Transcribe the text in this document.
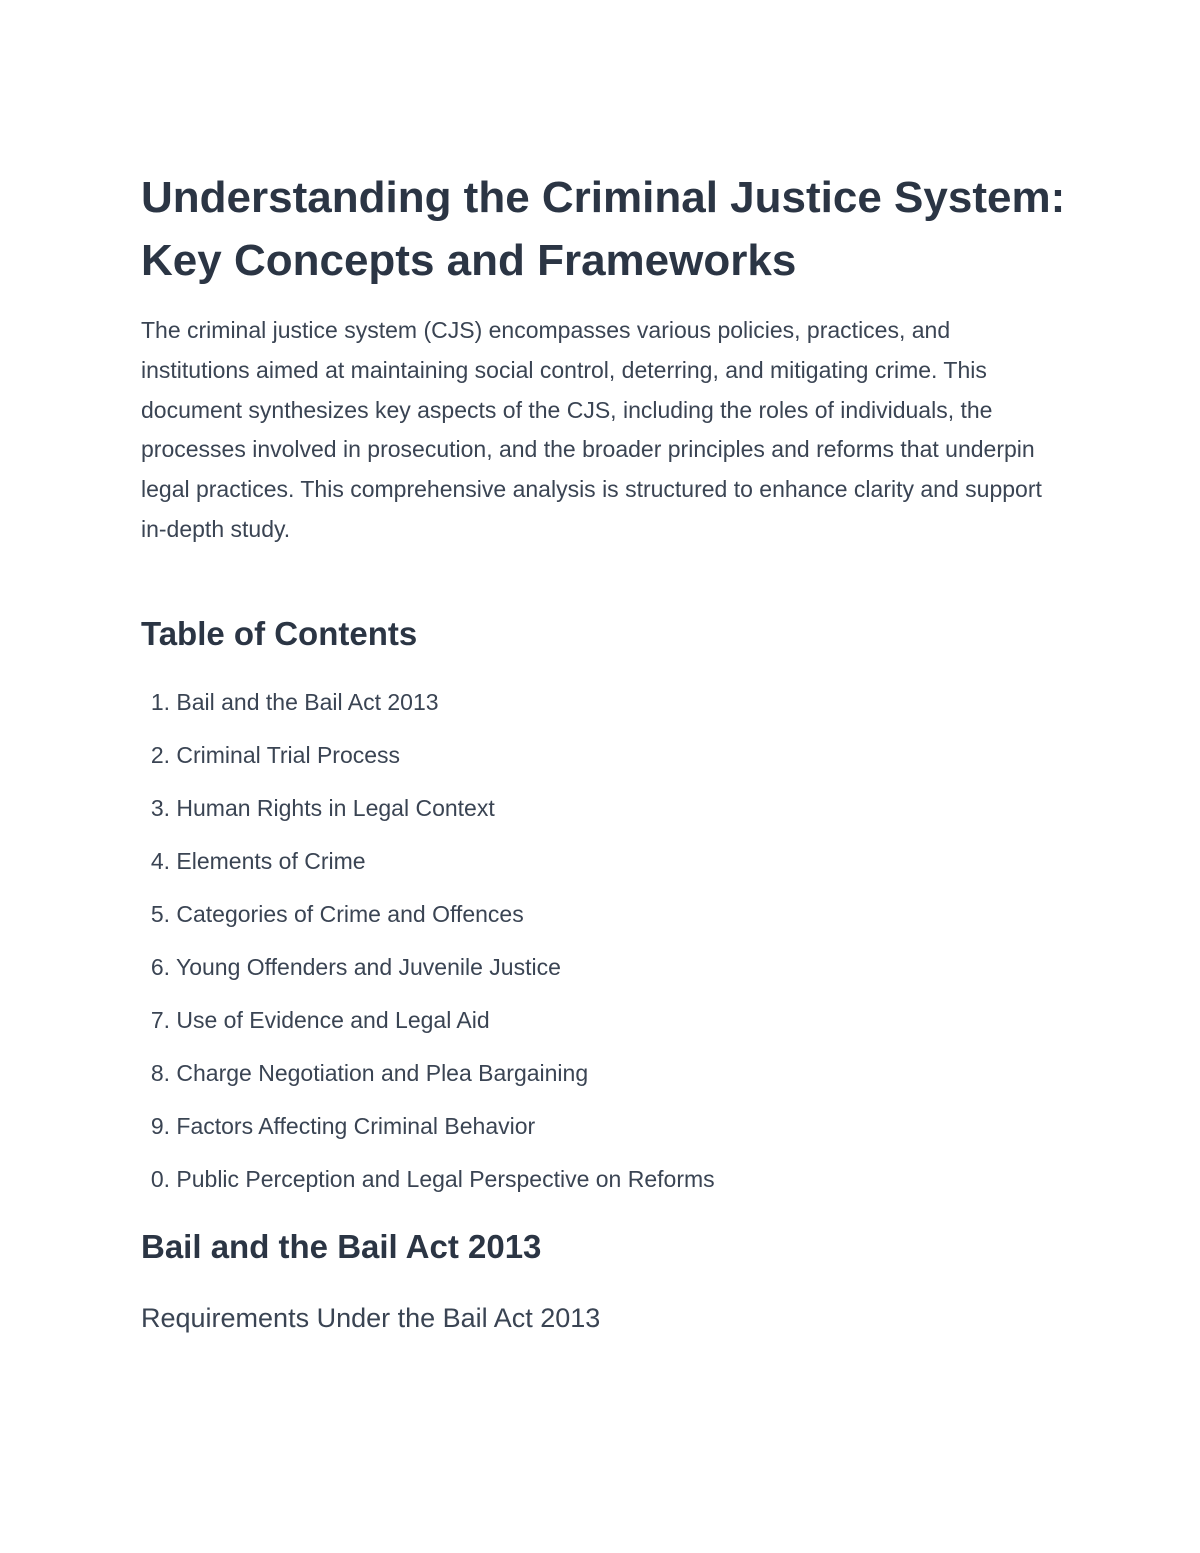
Understanding the Criminal Justice System: Key Concepts and Frameworks

The criminal justice system (CJS) encompasses various policies, practices, and institutions aimed at maintaining social control, deterring, and mitigating crime. This document synthesizes key aspects of the CJS, including the roles of individuals, the processes involved in prosecution, and the broader principles and reforms that underpin legal practices. This comprehensive analysis is structured to enhance clarity and support in-depth study.

Table of Contents
1. Bail and the Bail Act 2013
2. Criminal Trial Process
3. Human Rights in Legal Context
4. Elements of Crime
5. Categories of Crime and Offences
6. Young Offenders and Juvenile Justice
7. Use of Evidence and Legal Aid
8. Charge Negotiation and Plea Bargaining
9. Factors Affecting Criminal Behavior
0. Public Perception and Legal Perspective on Reforms
Bail and the Bail Act 2013
Requirements Under the Bail Act 2013
